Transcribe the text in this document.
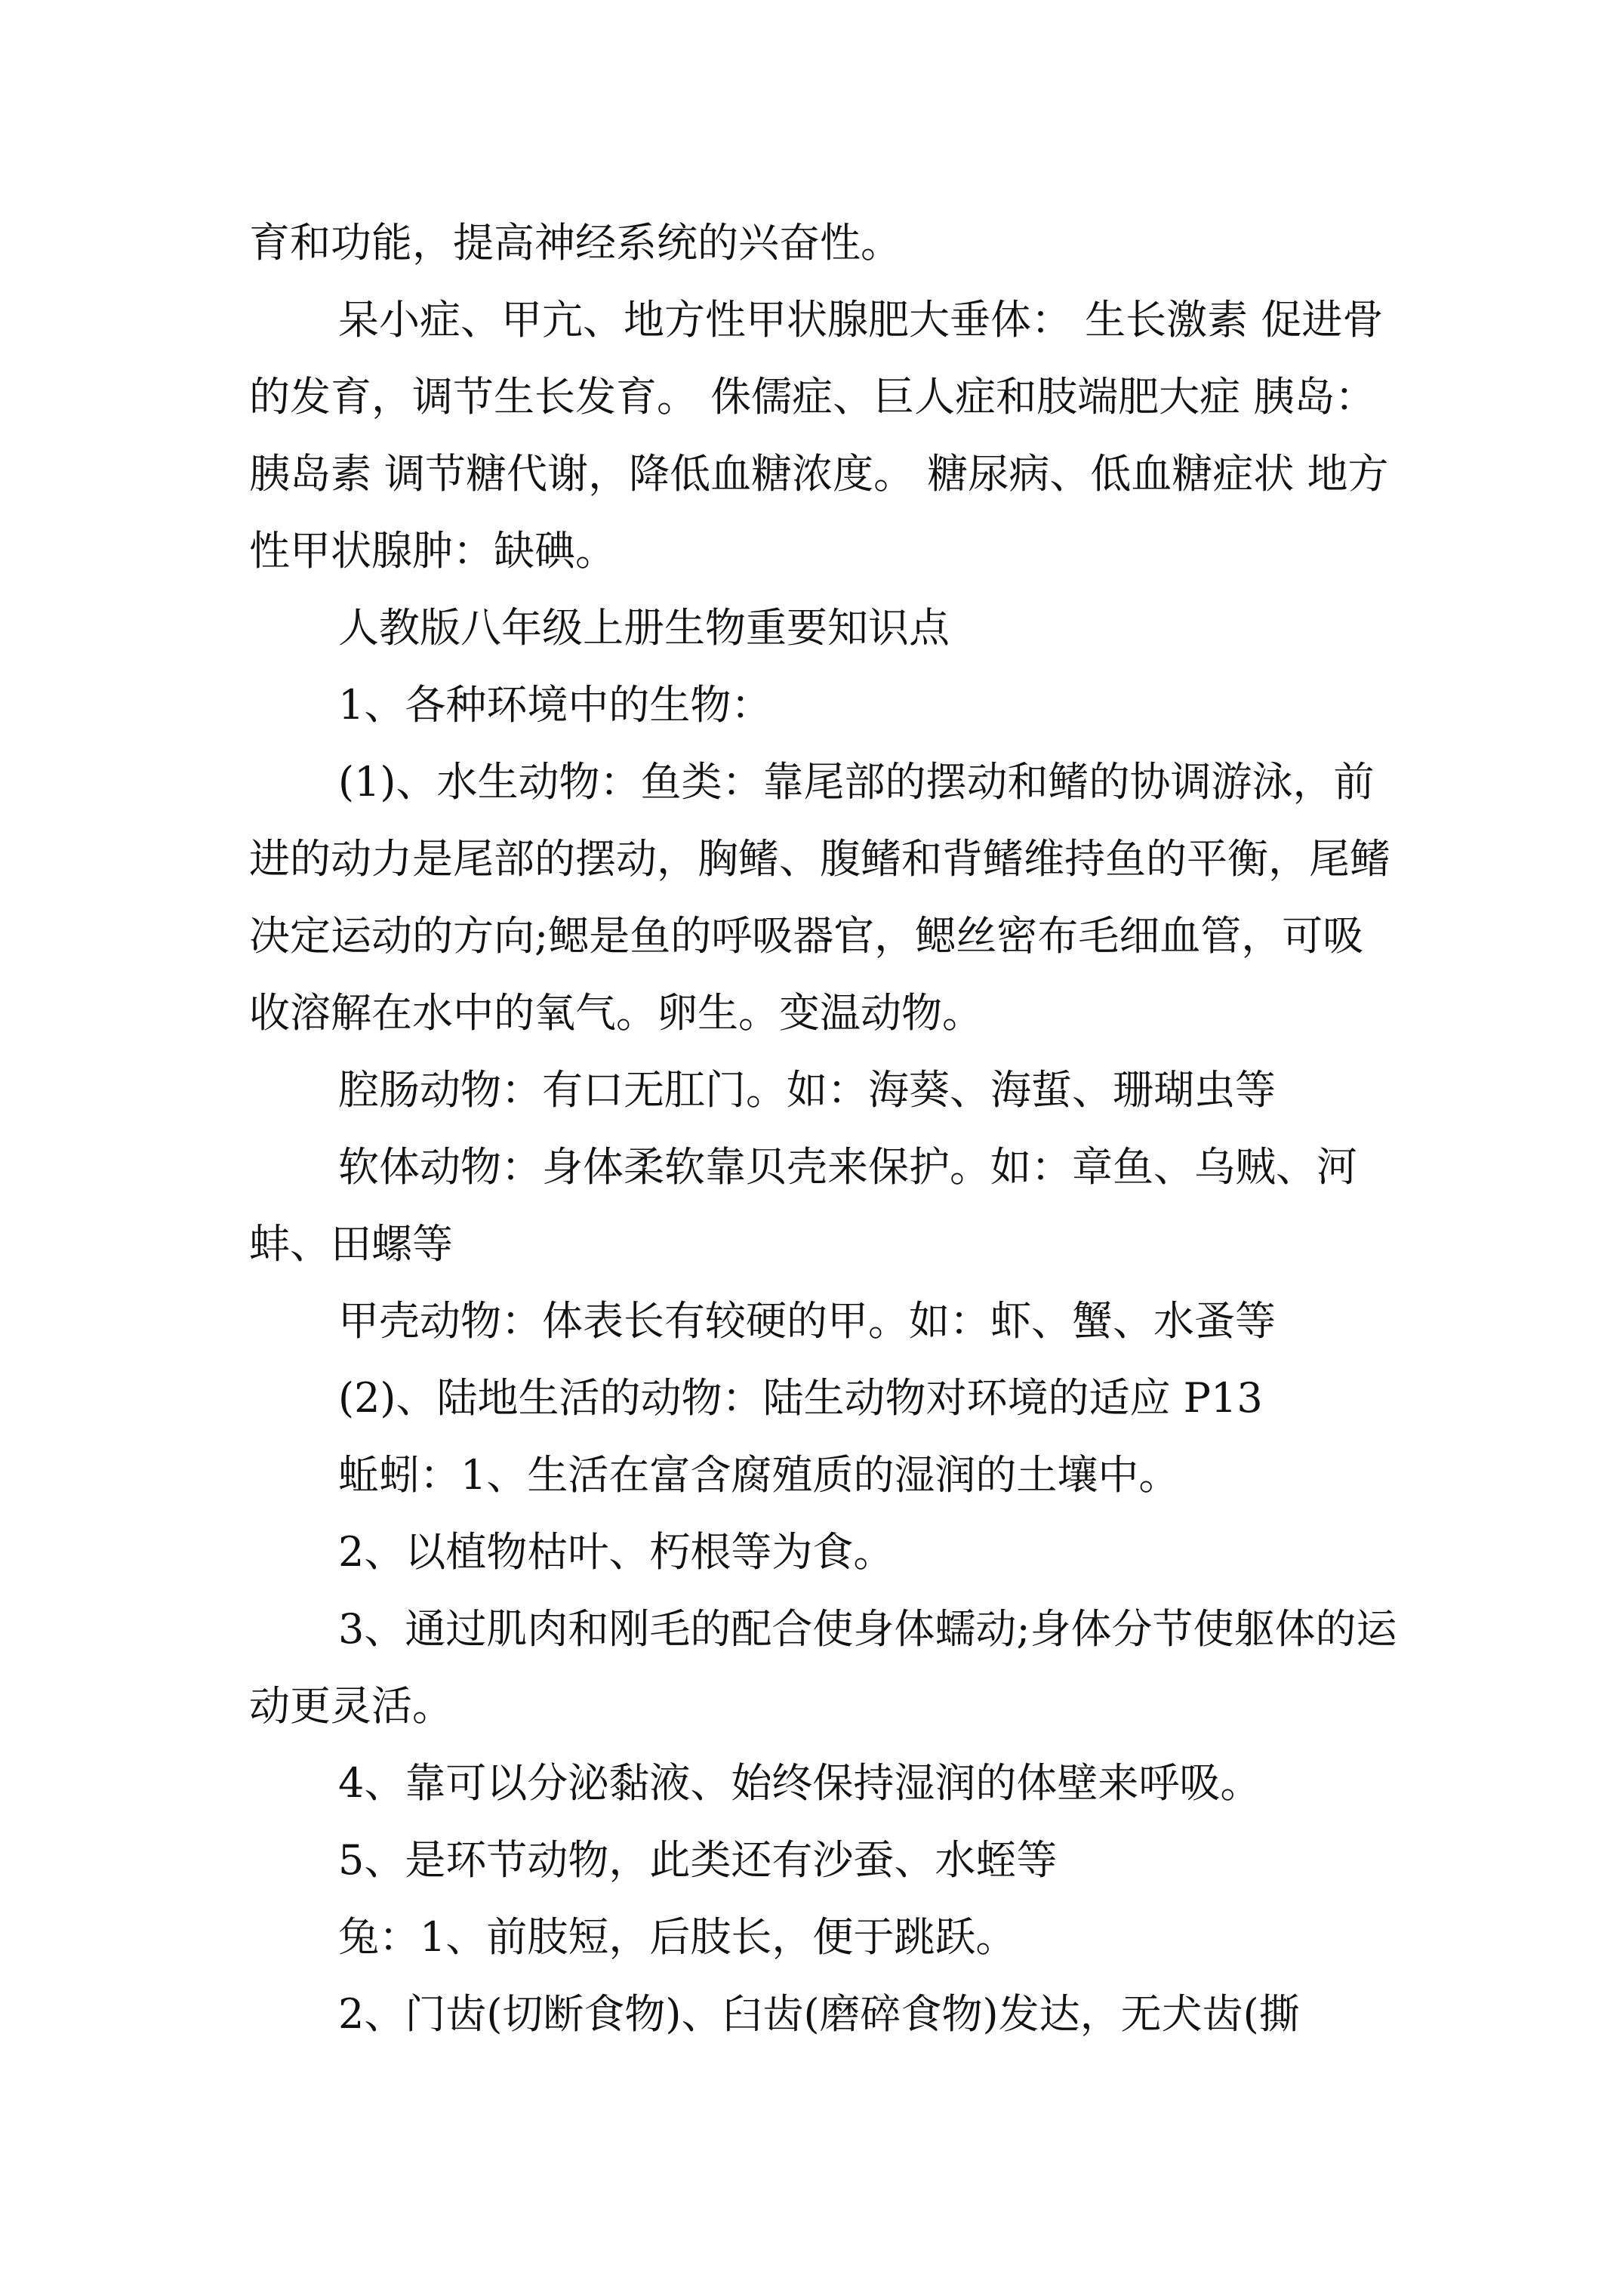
育和功能，提高神经系统的兴奋性。

呆小症、甲亢、地方性甲状腺肥大垂体： 生长激素 促进骨的发育，调节生长发育。 侏儒症、巨人症和肢端肥大症 胰岛： 胰岛素 调节糖代谢，降低血糖浓度。 糖尿病、低血糖症状 地方性甲状腺肿：缺碘。

人教版八年级上册生物重要知识点

1、各种环境中的生物：

(1)、水生动物：鱼类：靠尾部的摆动和鳍的协调游泳，前进的动力是尾部的摆动，胸鳍、腹鳍和背鳍维持鱼的平衡，尾鳍决定运动的方向;鳃是鱼的呼吸器官，鳃丝密布毛细血管，可吸收溶解在水中的氧气。卵生。变温动物。

腔肠动物：有口无肛门。如：海葵、海蜇、珊瑚虫等

软体动物：身体柔软靠贝壳来保护。如：章鱼、乌贼、河蚌、田螺等

甲壳动物：体表长有较硬的甲。如：虾、蟹、水蚤等

(2)、陆地生活的动物：陆生动物对环境的适应 P13

蚯蚓：1、生活在富含腐殖质的湿润的土壤中。

2、以植物枯叶、朽根等为食。

3、通过肌肉和刚毛的配合使身体蠕动;身体分节使躯体的运动更灵活。

4、靠可以分泌黏液、始终保持湿润的体壁来呼吸。

5、是环节动物，此类还有沙蚕、水蛭等

兔：1、前肢短，后肢长，便于跳跃。

2、门齿(切断食物)、臼齿(磨碎食物)发达，无犬齿(撕
